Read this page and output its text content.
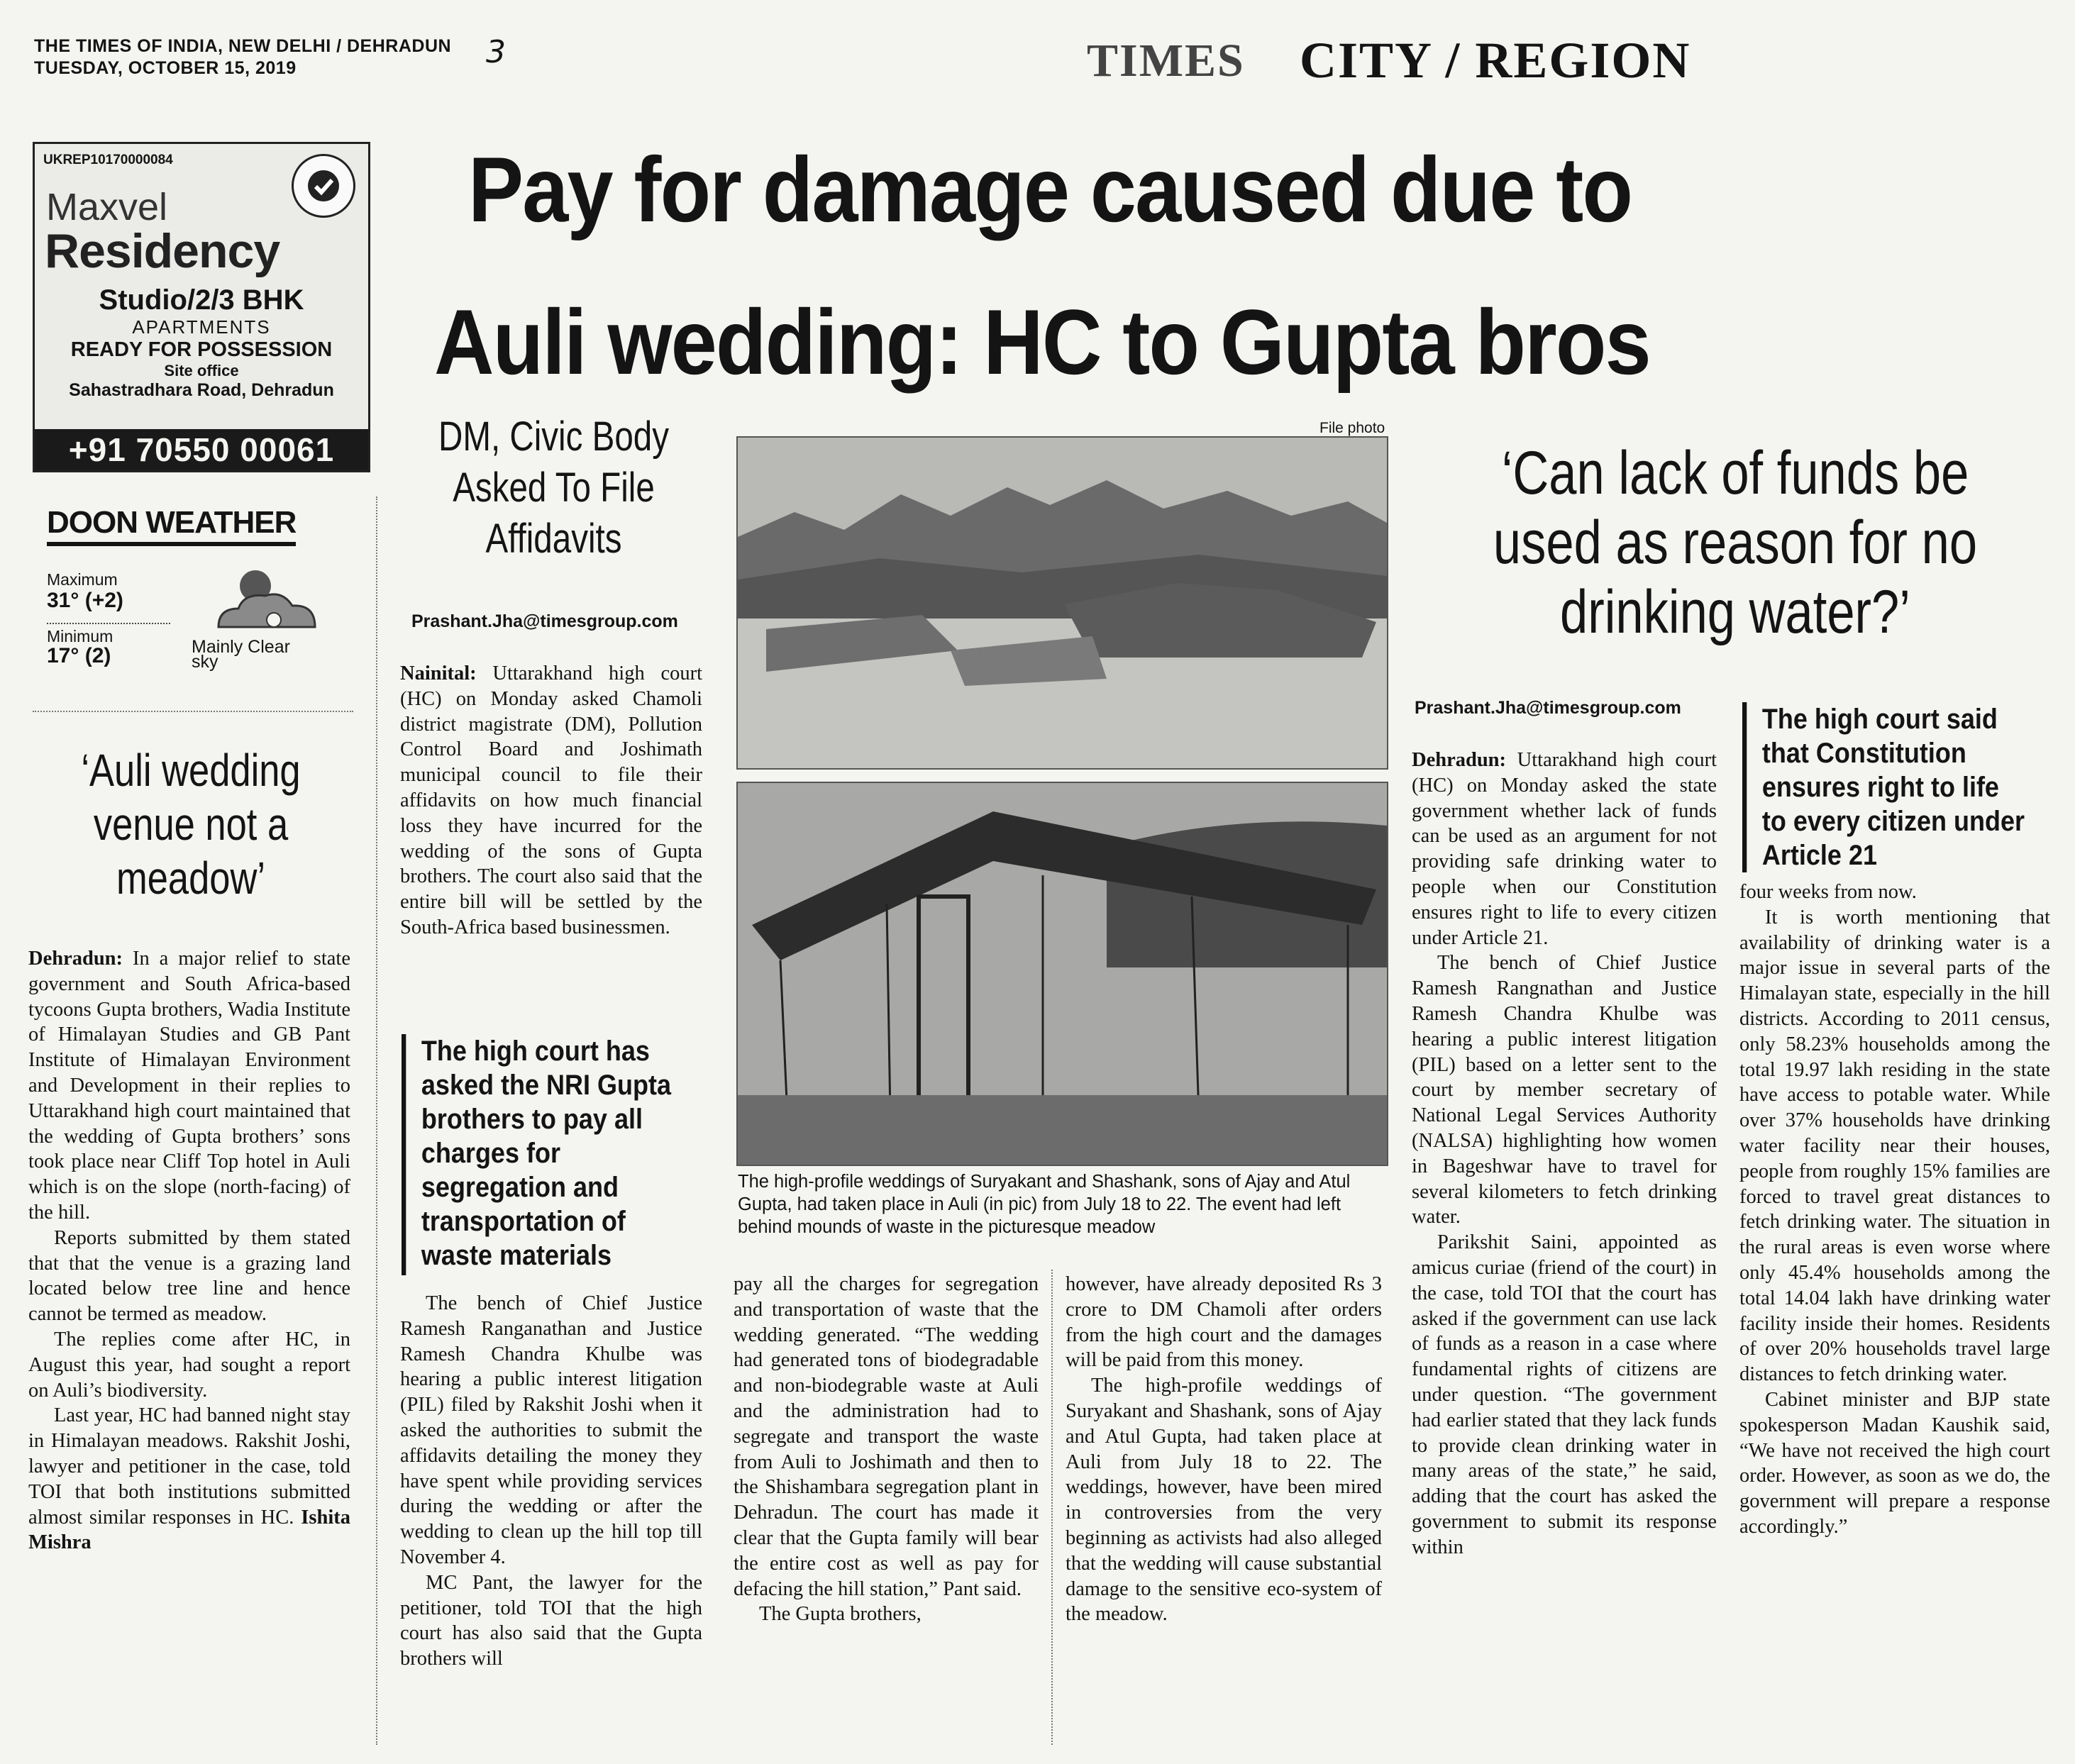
THE TIMES OF INDIA, NEW DELHI / DEHRADUN
TUESDAY, OCTOBER 15, 2019	3	TIMES CITY / REGION
UKREP10170000084
Maxvel
Residency
Studio/2/3 BHK
APARTMENTS
READY FOR POSSESSION
Site office
Sahastradhara Road, Dehradun
+91 70550 00061
DOON WEATHER
Maximum
31° (+2)
Minimum
17° (2)	Mainly Clear
sky
‘Auli wedding venue not a meadow’

Dehradun: In a major relief to state government and South Africa-based tycoons Gupta brothers, Wadia Institute of Himalayan Studies and GB Pant Institute of Himalayan Environment and Development in their replies to Uttarakhand high court maintained that the wedding of Gupta brothers’ sons took place near Cliff Top hotel in Auli which is on the slope (north-facing) of the hill.

Reports submitted by them stated that that the venue is a grazing land located below tree line and hence cannot be termed as meadow.

The replies come after HC, in August this year, had sought a report on Auli’s biodiversity.

Last year, HC had banned night stay in Himalayan meadows. Rakshit Joshi, lawyer and petitioner in the case, told TOI that both institutions submitted almost similar responses in HC. Ishita Mishra

Pay for damage caused due to
Auli wedding: HC to Gupta bros
DM, Civic Body Asked To File Affidavits
Prashant.Jha@timesgroup.com

Nainital: Uttarakhand high court (HC) on Monday asked Chamoli district magistrate (DM), Pollution Control Board and Joshimath municipal council to file their affidavits on how much financial loss they have incurred for the wedding of the sons of Gupta brothers. The court also said that the entire bill will be settled by the South-Africa based businessmen.

The high court has asked the NRI Gupta brothers to pay all charges for segregation and transportation of waste materials

The bench of Chief Justice Ramesh Ranganathan and Justice Ramesh Chandra Khulbe was hearing a public interest litigation (PIL) filed by Rakshit Joshi when it asked the authorities to submit the affidavits detailing the money they have spent while providing services during the wedding or after the wedding to clean up the hill top till November 4.

MC Pant, the lawyer for the petitioner, told TOI that the high court has also said that the Gupta brothers will

File photo
The high-profile weddings of Suryakant and Shashank, sons of Ajay and Atul Gupta, had taken place in Auli (in pic) from July 18 to 22. The event had left behind mounds of waste in the picturesque meadow

pay all the charges for segregation and transportation of waste that the wedding generated. “The wedding had generated tons of biodegradable and non-biodegrable waste at Auli and the administration had to segregate and transport the waste from Auli to Joshimath and then to the Shishambara segregation plant in Dehradun. The court has made it clear that the Gupta family will bear the entire cost as well as pay for defacing the hill station,” Pant said.

The Gupta brothers,

however, have already deposited Rs 3 crore to DM Chamoli after orders from the high court and the damages will be paid from this money.

The high-profile weddings of Suryakant and Shashank, sons of Ajay and Atul Gupta, had taken place at Auli from July 18 to 22. The weddings, however, have been mired in controversies from the very beginning as activists had also alleged that the wedding will cause substantial damage to the sensitive eco-system of the meadow.

‘Can lack of funds be used as reason for no drinking water?’
Prashant.Jha@timesgroup.com

Dehradun: Uttarakhand high court (HC) on Monday asked the state government whether lack of funds can be used as an argument for not providing safe drinking water to people when our Constitution ensures right to life to every citizen under Article 21.

The bench of Chief Justice Ramesh Rangnathan and Justice Ramesh Chandra Khulbe was hearing a public interest litigation (PIL) based on a letter sent to the court by member secretary of National Legal Services Authority (NALSA) highlighting how women in Bageshwar have to travel for several kilometers to fetch drinking water.

Parikshit Saini, appointed as amicus curiae (friend of the court) in the case, told TOI that the court has asked if the government can use lack of funds as a reason in a case where fundamental rights of citizens are under question. “The government had earlier stated that they lack funds to provide clean drinking water in many areas of the state,” he said, adding that the court has asked the government to submit its response within

The high court said that Constitution ensures right to life to every citizen under Article 21

four weeks from now.

It is worth mentioning that availability of drinking water is a major issue in several parts of the Himalayan state, especially in the hill districts. According to 2011 census, only 58.23% households among the total 19.97 lakh residing in the state have access to potable water. While over 37% households have drinking water facility near their houses, people from roughly 15% families are forced to travel great distances to fetch drinking water. The situation in the rural areas is even worse where only 45.4% households among the total 14.04 lakh have drinking water facility inside their homes. Residents of over 20% households travel large distances to fetch drinking water.

Cabinet minister and BJP state spokesperson Madan Kaushik said, “We have not received the high court order. However, as soon as we do, the government will prepare a response accordingly.”
